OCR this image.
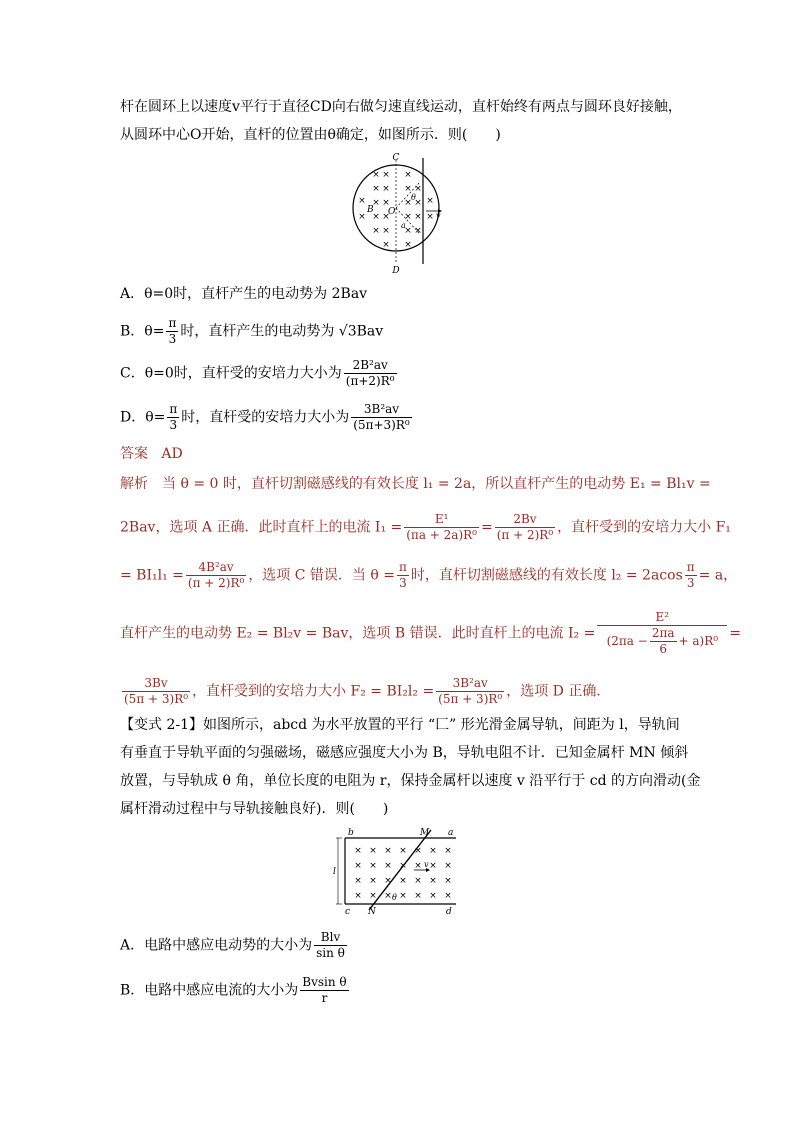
杆在圆环上以速度v平行于直径CD向右做匀速直线运动，直杆始终有两点与圆环良好接触，
从圆环中心O开始，直杆的位置由θ确定，如图所示．则(　　)
×
×
×
×
×
×
×
×
×
×
×
×
×
×
×
×
×
×
×
×
×
×
×
×
×
C
D
O
B
θ
a
v
A．θ=0时，直杆产生的电动势为 2Bav
B．$\theta= \frac{\pi}{3}$ 时，直杆产生的电动势为 √3Bav
C．θ=0时，直杆受的安培力大小为 $\frac{\text{2B²av}}{\text{(π+2)R⁰}}$
D．$\theta= \frac{\pi}{3}$ 时，直杆受的安培力大小为 $\frac{\text{3B²av}}{\text{(5π+3)R⁰}}$
答案 AD
解析　当 θ = 0 时，直杆切割磁感线的有效长度 l₁ = 2a，所以直杆产生的电动势 E₁ = Bl₁v =
2Bav，选项 A 正确．此时直杆上的电流 $I_1 = \frac{\text{E¹}}{\text{(πa + 2a)R⁰}} = \frac{2Bv}{\text{(π + 2)R⁰}}$ ，直杆受到的安培力大小 F₁
= $BI_1l_1 = \frac{\text{4B²av}}{\text{(π + 2)R⁰}}$ ，选项 C 错误．当 $\theta = \frac{\pi}{3}$ 时，直杆切割磁感线的有效长度 $l_2 = 2acos \frac{\pi}{3} = a$，
直杆产生的电动势 E₂ = Bl₂v = Bav，选项 B 错误．此时直杆上的电流 $I_2 = \frac{\text{E²}}{(2\pi a - \frac{2\pi a}{6} + a)R^0}$ =
$\frac{3Bv}{\text{(5π + 3)R⁰}}$ ，直杆受到的安培力大小 $F_2 = BI_2l_2 = \frac{\text{3B²av}}{\text{(5π + 3)R⁰}}$ ，选项 D 正确．
【变式 2-1】如图所示，abcd 为水平放置的平行 “匚” 形光滑金属导轨，间距为 l，导轨间
有垂直于导轨平面的匀强磁场，磁感应强度大小为 B，导轨电阻不计．已知金属杆 MN 倾斜
放置，与导轨成 θ 角，单位长度的电阻为 r，保持金属杆以速度 v 沿平行于 cd 的方向滑动(金
属杆滑动过程中与导轨接触良好)．则(　　)
× × × × × × ×
× × × × × × ×
× × × × × × ×
× × × × × × ×
b	a
M
c N	d
l
v
θ
A．电路中感应电动势的大小为 $\frac{\text{Blv}}{\text{sin θ}}$
B．电路中感应电流的大小为 $\frac{\text{Bvsin θ}}{r}$
